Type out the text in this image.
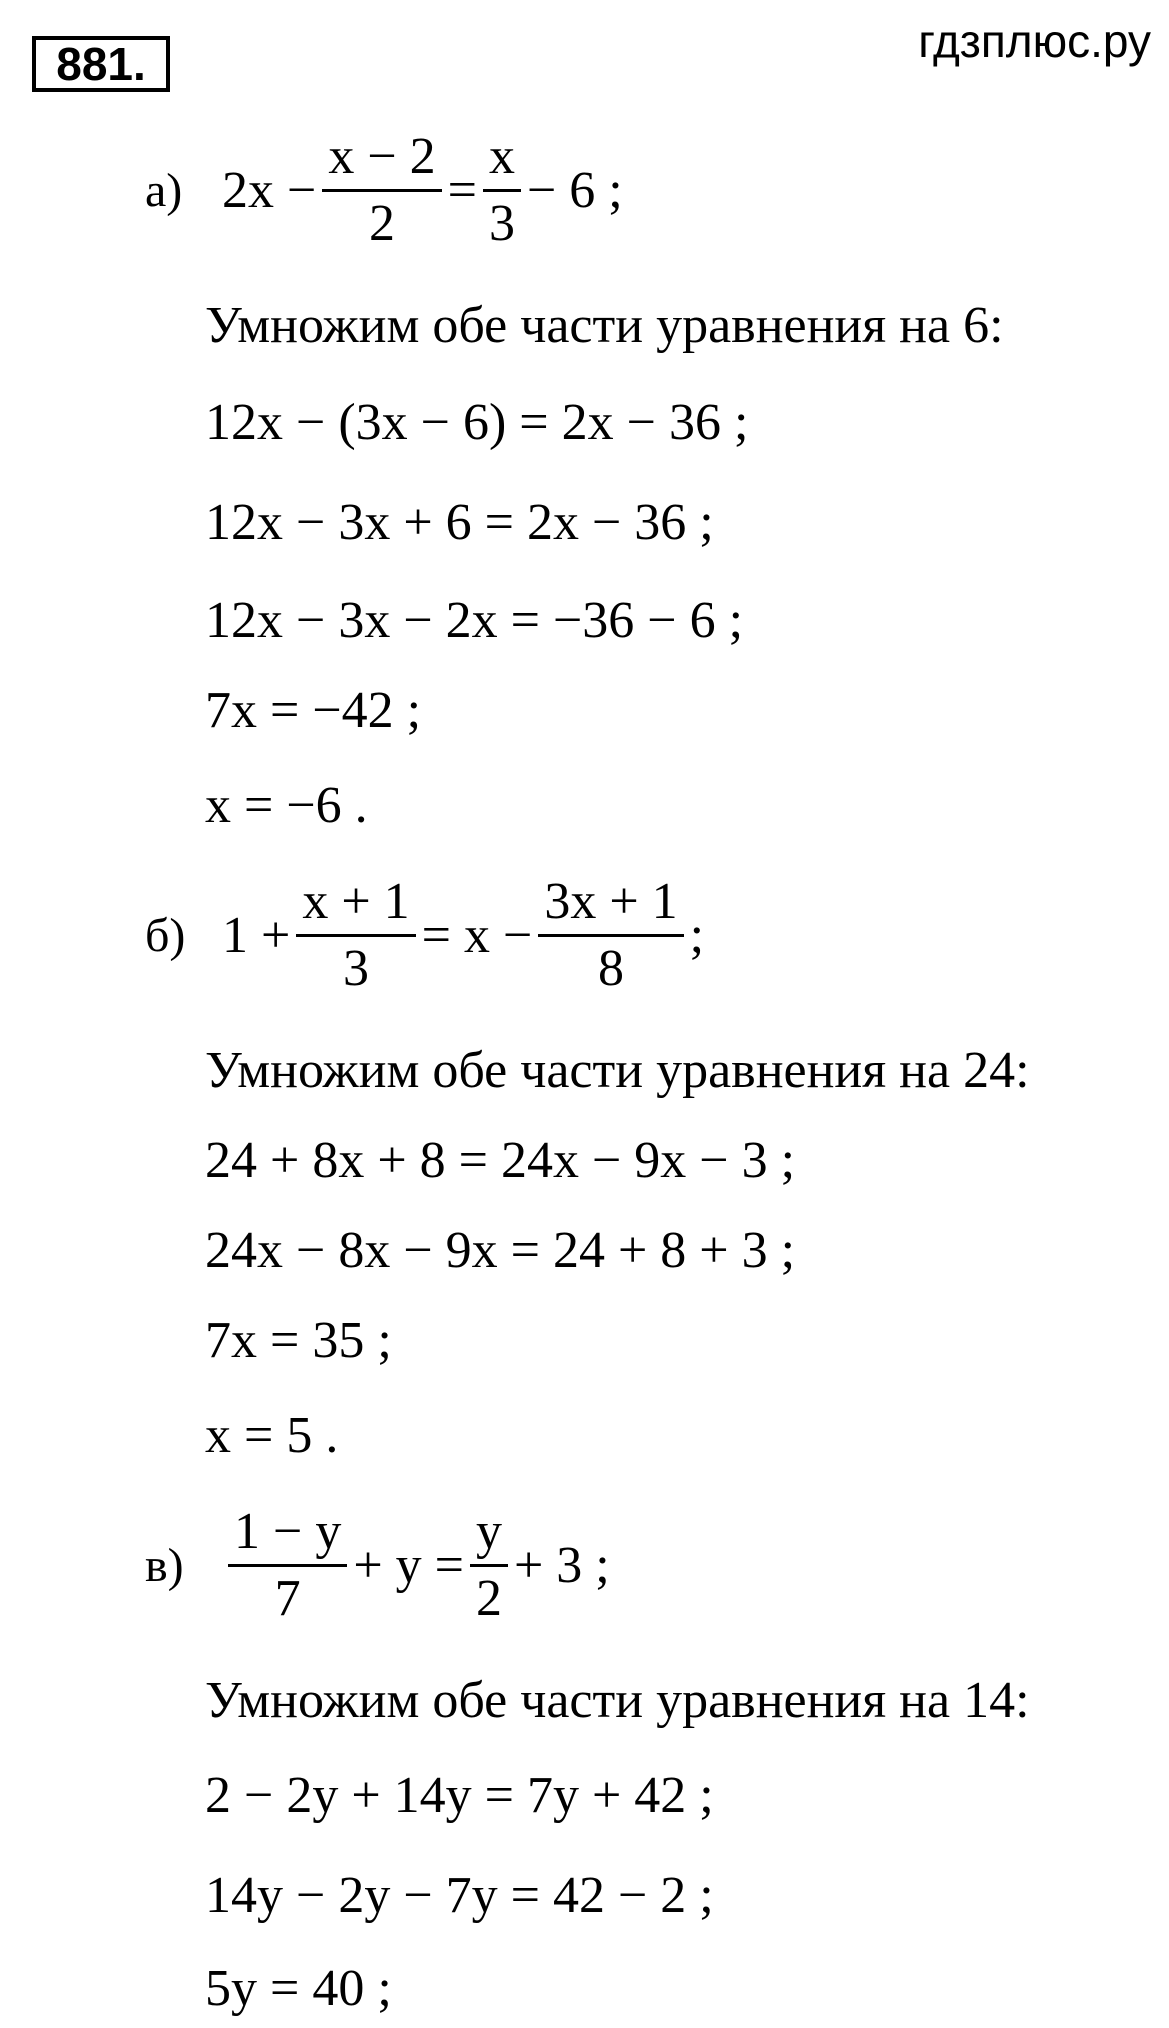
881.	гдзплюс.ру
а) $2x - \frac{x - 2}{2} = \frac{x}{3} - 6$ ;
Умножим обе части уравнения на 6:
12x − (3x − 6) = 2x − 36 ;
12x − 3x + 6 = 2x − 36 ;
12x − 3x − 2x = −36 − 6 ;
7x = −42 ;
x = −6 .
б) $1 + \frac{x + 1}{3} = x - \frac{3x + 1}{8}$ ;
Умножим обе части уравнения на 24:
24 + 8x + 8 = 24x − 9x − 3 ;
24x − 8x − 9x = 24 + 8 + 3 ;
7x = 35 ;
x = 5 .
$в) \frac{1 - y}{7} + y = \frac{y}{2} + 3$ ;
Умножим обе части уравнения на 14:
2 − 2y + 14y = 7y + 42 ;
14y − 2y − 7y = 42 − 2 ;
5y = 40 ;
